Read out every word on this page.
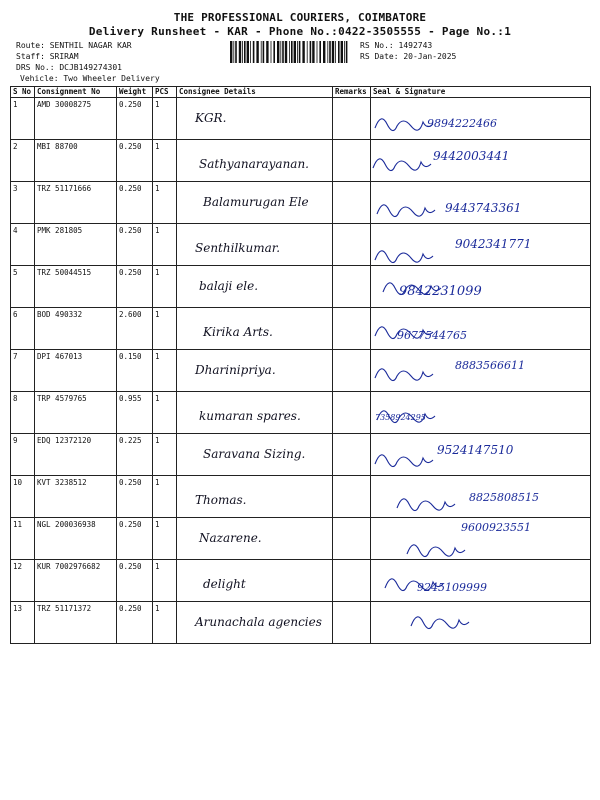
THE PROFESSIONAL COURIERS, COIMBATORE
Delivery Runsheet - KAR - Phone No.:0422-3505555 - Page No.:1
Route: SENTHIL NAGAR KAR
Staff: SRIRAM
DRS No.: DCJB149274301
Vehicle: Two Wheeler Delivery
RS No.: 1492743
RS Date: 20-Jan-2025
S No	Consignment No	Weight	PCS	Consignee Details	Remarks	Seal & Signature
1	AMD 30008275	0.250	1	KGR.		9894222466

2	MBI 88700	0.250	1	Sathyanarayanan.		9442003441

3	TRZ 51171666	0.250	1	Balamurugan Ele		9443743361

4	PMK 281805	0.250	1	Senthilkumar.		9042341771

5	TRZ 50044515	0.250	1	balaji ele.		9842231099

6	BOD 490332	2.600	1	Kirika Arts.		9677544765

7	DPI 467013	0.150	1	Dharinipriya.		8883566611

8	TRP 4579765	0.955	1	kumaran spares.		7358924295

9	EDQ 12372120	0.225	1	Saravana Sizing.		9524147510

10	KVT 3238512	0.250	1	Thomas.		8825808515

11	NGL 200036938	0.250	1	Nazarene.		9600923551

12	KUR 7002976682	0.250	1	delight		9245109999

13	TRZ 51171372	0.250	1	Arunachala agencies
